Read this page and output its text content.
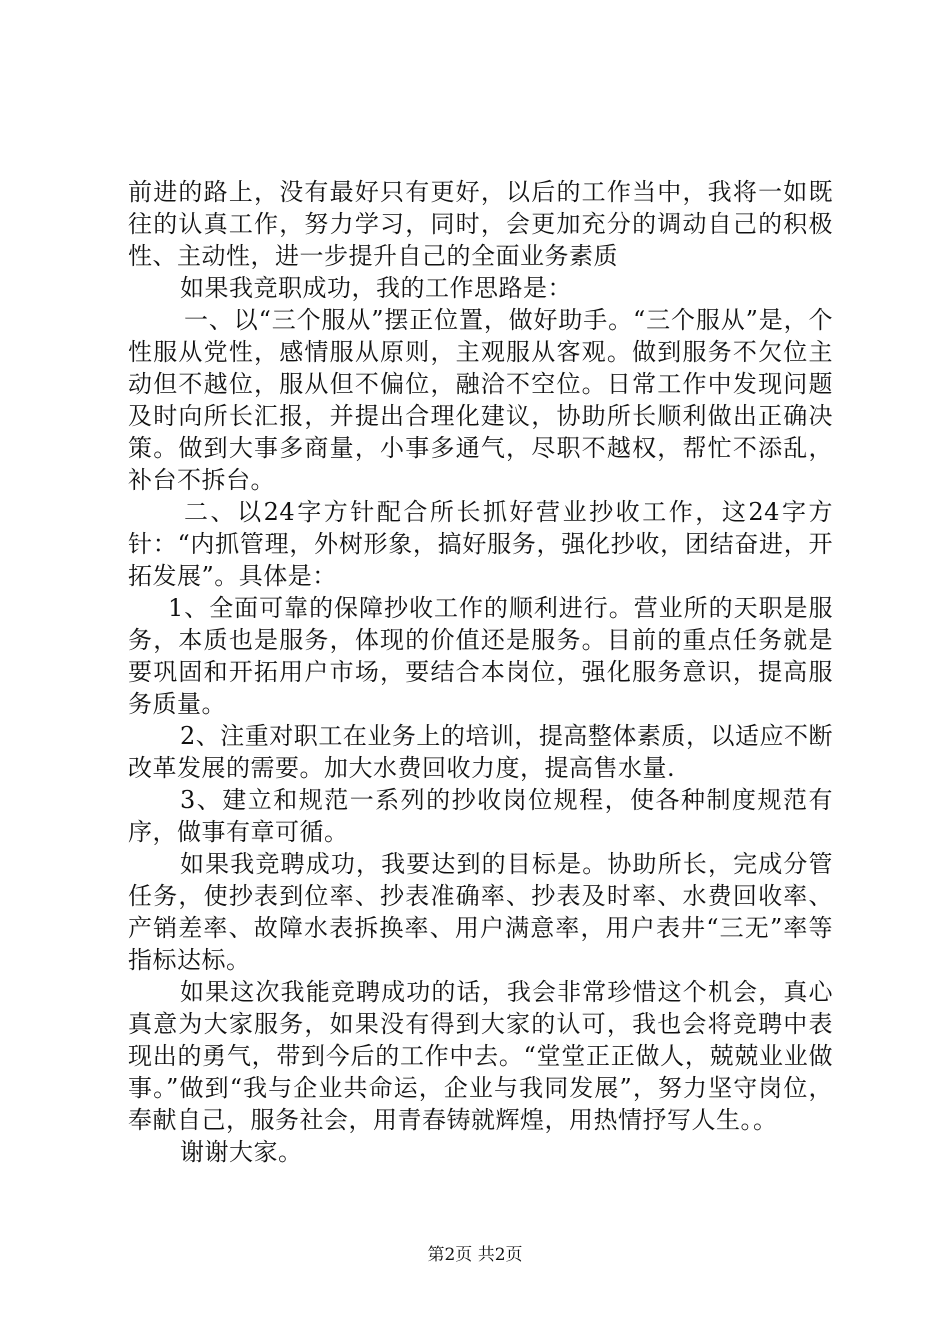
前进的路上，没有最好只有更好，以后的工作当中，我将一如既往的认真工作，努力学习，同时，会更加充分的调动自己的积极性、主动性，进一步提升自己的全面业务素质

如果我竞职成功，我的工作思路是：

一、以“三个服从”摆正位置，做好助手。“三个服从”是，个性服从党性，感情服从原则，主观服从客观。做到服务不欠位主动但不越位，服从但不偏位，融洽不空位。日常工作中发现问题及时向所长汇报，并提出合理化建议，协助所长顺利做出正确决策。做到大事多商量，小事多通气，尽职不越权，帮忙不添乱，补台不拆台。

二、以24字方针配合所长抓好营业抄收工作，这24字方针：“内抓管理，外树形象，搞好服务，强化抄收，团结奋进，开拓发展”。具体是：

1、全面可靠的保障抄收工作的顺利进行。营业所的天职是服务，本质也是服务，体现的价值还是服务。目前的重点任务就是要巩固和开拓用户市场，要结合本岗位，强化服务意识，提高服务质量。

2、注重对职工在业务上的培训，提高整体素质，以适应不断改革发展的需要。加大水费回收力度，提高售水量.

3、建立和规范一系列的抄收岗位规程，使各种制度规范有序，做事有章可循。

如果我竞聘成功，我要达到的目标是。协助所长，完成分管任务，使抄表到位率、抄表准确率、抄表及时率、水费回收率、产销差率、故障水表拆换率、用户满意率，用户表井“三无”率等指标达标。

如果这次我能竞聘成功的话，我会非常珍惜这个机会，真心真意为大家服务，如果没有得到大家的认可，我也会将竞聘中表现出的勇气，带到今后的工作中去。“堂堂正正做人，兢兢业业做事。”做到“我与企业共命运，企业与我同发展”，努力坚守岗位，奉献自己，服务社会，用青春铸就辉煌，用热情抒写人生。。

谢谢大家。

第2页 共2页
